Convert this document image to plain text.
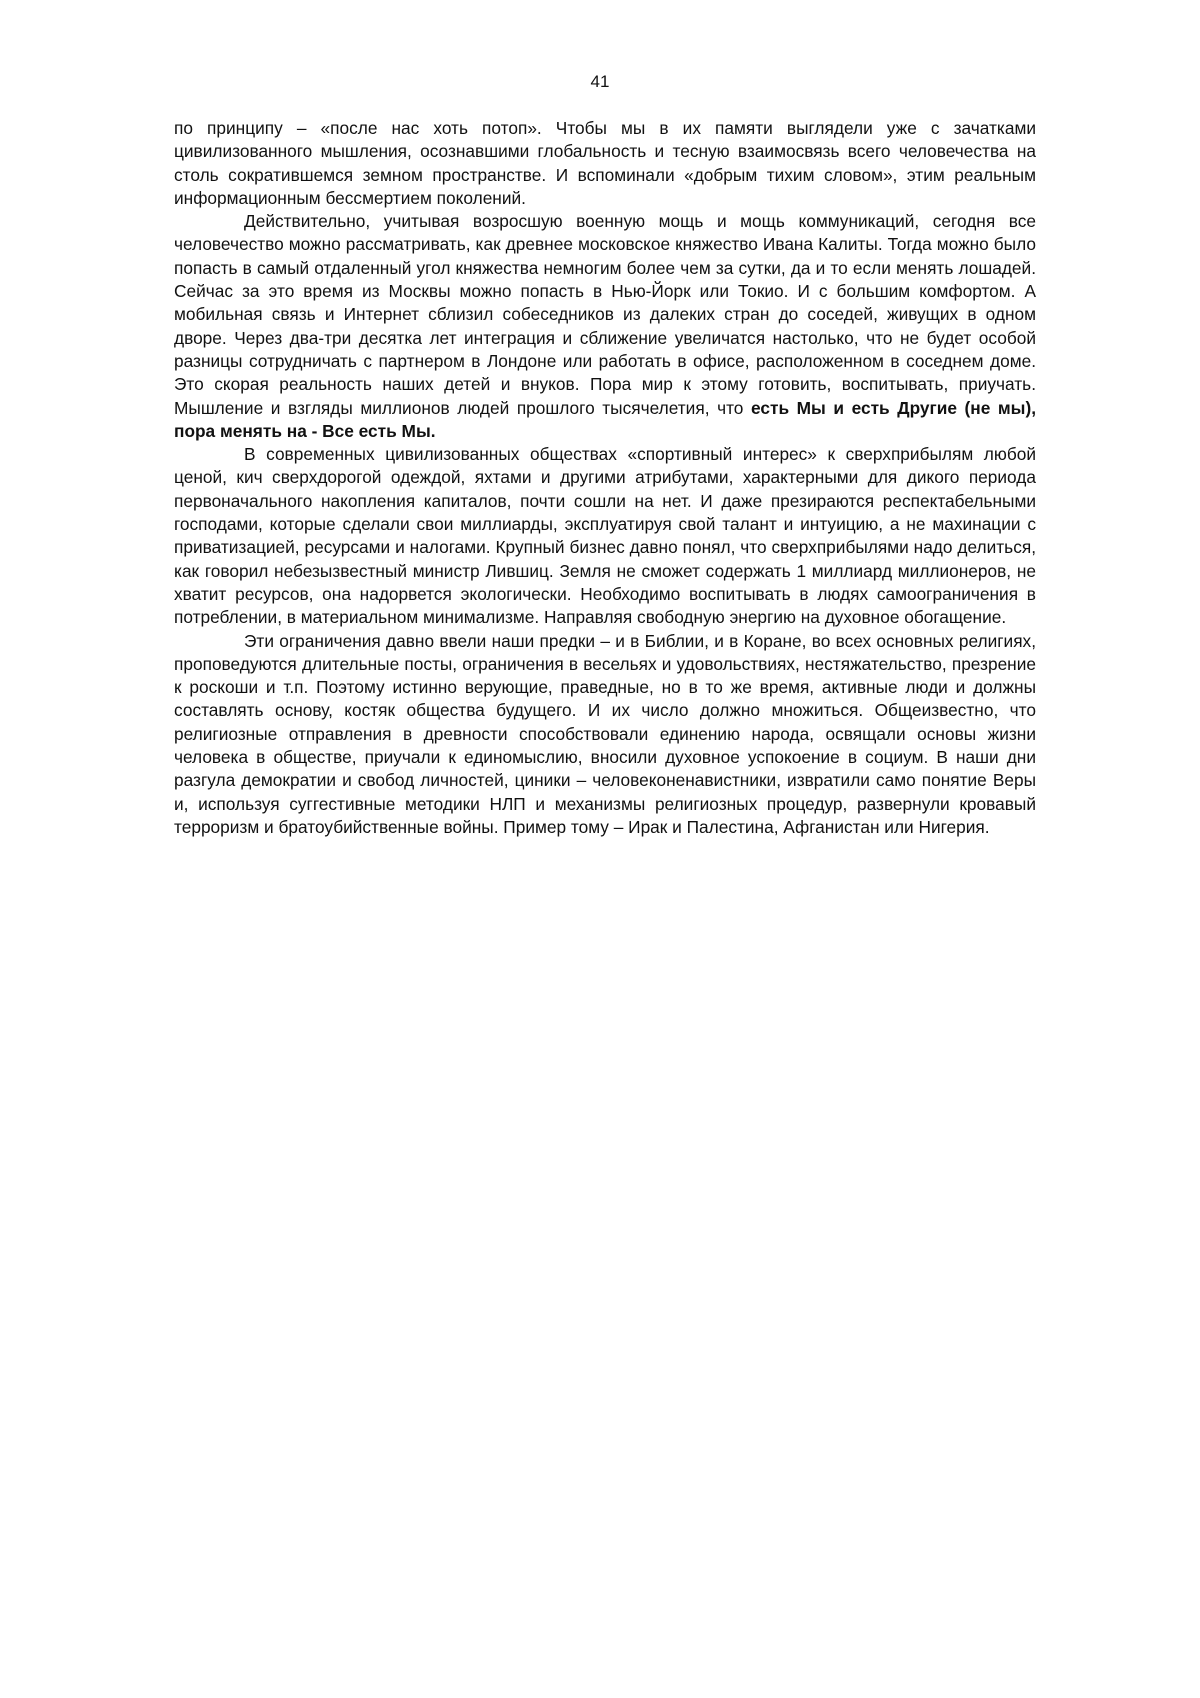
41

по принципу – «после нас хоть потоп». Чтобы мы в их памяти выглядели уже с зачатками цивилизованного мышления, осознавшими глобальность и тесную взаимосвязь всего человечества на столь сократившемся земном пространстве. И вспоминали «добрым тихим словом», этим реальным информационным бессмертием поколений.

Действительно, учитывая возросшую военную мощь и мощь коммуникаций, сегодня все человечество можно рассматривать, как древнее московское княжество Ивана Калиты. Тогда можно было попасть в самый отдаленный угол княжества немногим более чем за сутки, да и то если менять лошадей. Сейчас за это время из Москвы можно попасть в Нью-Йорк или Токио. И с большим комфортом. А мобильная связь и Интернет сблизил собеседников из далеких стран до соседей, живущих в одном дворе. Через два-три десятка лет интеграция и сближение увеличатся настолько, что не будет особой разницы сотрудничать с партнером в Лондоне или работать в офисе, расположенном в соседнем доме. Это скорая реальность наших детей и внуков. Пора мир к этому готовить, воспитывать, приучать. Мышление и взгляды миллионов людей прошлого тысячелетия, что есть Мы и есть Другие (не мы), пора менять на - Все есть Мы.

В современных цивилизованных обществах «спортивный интерес» к сверхприбылям любой ценой, кич сверхдорогой одеждой, яхтами и другими атрибутами, характерными для дикого периода первоначального накопления капиталов, почти сошли на нет. И даже презираются респектабельными господами, которые сделали свои миллиарды, эксплуатируя свой талант и интуицию, а не махинации с приватизацией, ресурсами и налогами. Крупный бизнес давно понял, что сверхприбылями надо делиться, как говорил небезызвестный министр Лившиц. Земля не сможет содержать 1 миллиард миллионеров, не хватит ресурсов, она надорвется экологически. Необходимо воспитывать в людях самоограничения в потреблении, в материальном минимализме. Направляя свободную энергию на духовное обогащение.

Эти ограничения давно ввели наши предки – и в Библии, и в Коране, во всех основных религиях, проповедуются длительные посты, ограничения в весельях и удовольствиях, нестяжательство, презрение к роскоши и т.п. Поэтому истинно верующие, праведные, но в то же время, активные люди и должны составлять основу, костяк общества будущего. И их число должно множиться. Общеизвестно, что религиозные отправления в древности способствовали единению народа, освящали основы жизни человека в обществе, приучали к единомыслию, вносили духовное успокоение в социум. В наши дни разгула демократии и свобод личностей, циники – человеконенавистники, извратили само понятие Веры и, используя суггестивные методики НЛП и механизмы религиозных процедур, развернули кровавый терроризм и братоубийственные войны. Пример тому – Ирак и Палестина, Афганистан или Нигерия.
